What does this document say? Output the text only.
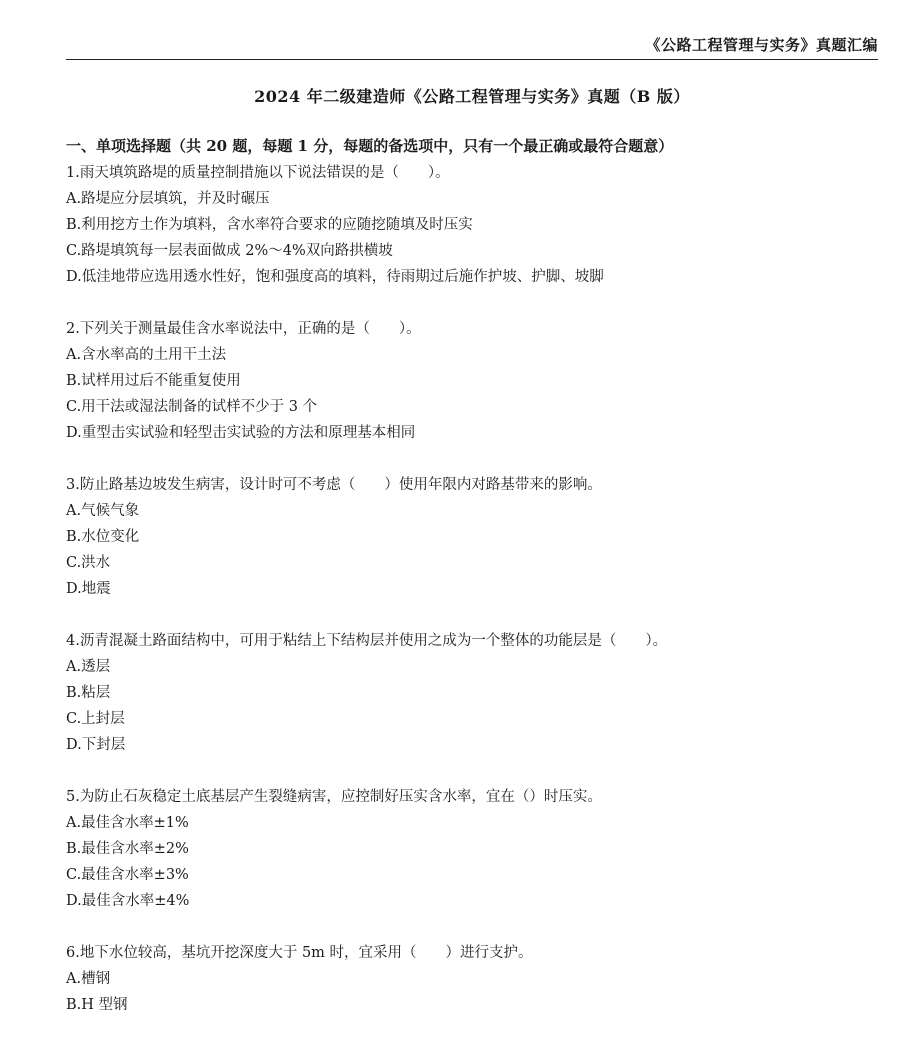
《公路工程管理与实务》真题汇编
2024 年二级建造师《公路工程管理与实务》真题（B 版）
一、单项选择题（共 20 题，每题 1 分，每题的备选项中，只有一个最正确或最符合题意）
1.雨天填筑路堤的质量控制措施以下说法错误的是（　　）。
A.路堤应分层填筑，并及时碾压
B.利用挖方土作为填料，含水率符合要求的应随挖随填及时压实
C.路堤填筑每一层表面做成 2%～4%双向路拱横坡
D.低洼地带应选用透水性好，饱和强度高的填料，待雨期过后施作护坡、护脚、坡脚
2.下列关于测量最佳含水率说法中，正确的是（　　）。
A.含水率高的土用干土法
B.试样用过后不能重复使用
C.用干法或湿法制备的试样不少于 3 个
D.重型击实试验和轻型击实试验的方法和原理基本相同
3.防止路基边坡发生病害，设计时可不考虑（　　）使用年限内对路基带来的影响。
A.气候气象
B.水位变化
C.洪水
D.地震
4.沥青混凝土路面结构中，可用于粘结上下结构层并使用之成为一个整体的功能层是（　　）。
A.透层
B.粘层
C.上封层
D.下封层
5.为防止石灰稳定土底基层产生裂缝病害，应控制好压实含水率，宜在（）时压实。
A.最佳含水率±1%
B.最佳含水率±2%
C.最佳含水率±3%
D.最佳含水率±4%
6.地下水位较高，基坑开挖深度大于 5m 时，宜采用（　　）进行支护。
A.槽钢
B.H 型钢
